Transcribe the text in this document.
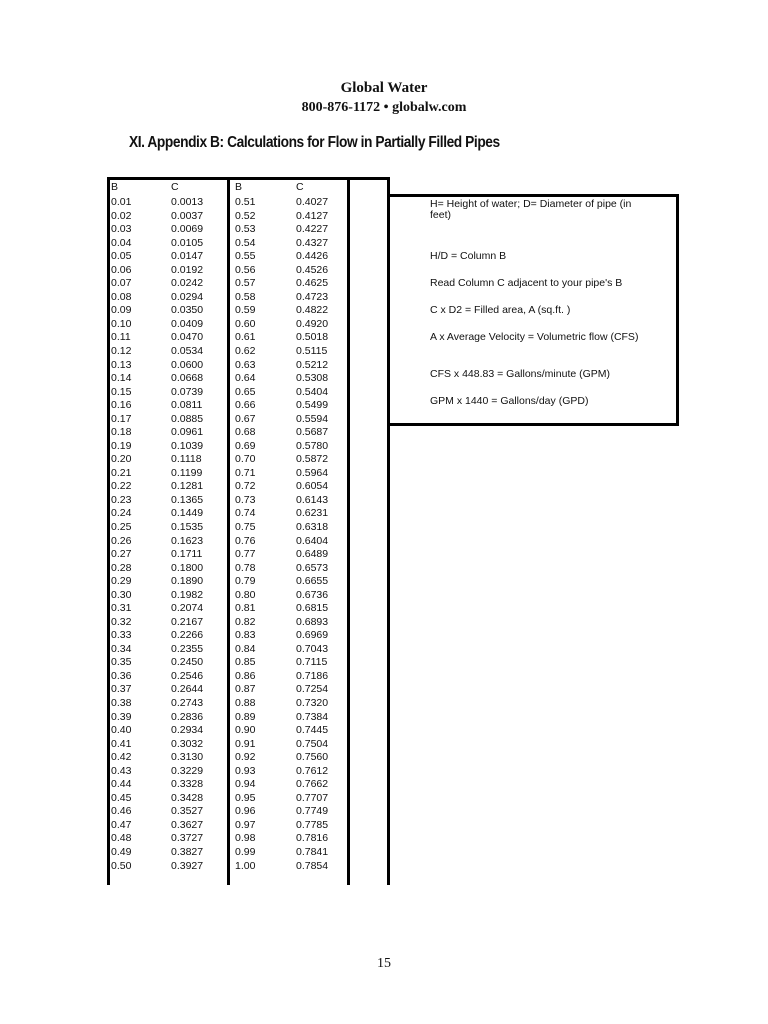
Global Water
800-876-1172 • globalw.com
XI. Appendix B: Calculations for Flow in Partially Filled Pipes
B	C	B	C
0.01	0.0013	0.51	0.4027
0.02	0.0037	0.52	0.4127
0.03	0.0069	0.53	0.4227
0.04	0.0105	0.54	0.4327
0.05	0.0147	0.55	0.4426
0.06	0.0192	0.56	0.4526
0.07	0.0242	0.57	0.4625
0.08	0.0294	0.58	0.4723
0.09	0.0350	0.59	0.4822
0.10	0.0409	0.60	0.4920
0.11	0.0470	0.61	0.5018
0.12	0.0534	0.62	0.5115
0.13	0.0600	0.63	0.5212
0.14	0.0668	0.64	0.5308
0.15	0.0739	0.65	0.5404
0.16	0.0811	0.66	0.5499
0.17	0.0885	0.67	0.5594
0.18	0.0961	0.68	0.5687
0.19	0.1039	0.69	0.5780
0.20	0.1118	0.70	0.5872
0.21	0.1199	0.71	0.5964
0.22	0.1281	0.72	0.6054
0.23	0.1365	0.73	0.6143
0.24	0.1449	0.74	0.6231
0.25	0.1535	0.75	0.6318
0.26	0.1623	0.76	0.6404
0.27	0.1711	0.77	0.6489
0.28	0.1800	0.78	0.6573
0.29	0.1890	0.79	0.6655
0.30	0.1982	0.80	0.6736
0.31	0.2074	0.81	0.6815
0.32	0.2167	0.82	0.6893
0.33	0.2266	0.83	0.6969
0.34	0.2355	0.84	0.7043
0.35	0.2450	0.85	0.7115
0.36	0.2546	0.86	0.7186
0.37	0.2644	0.87	0.7254
0.38	0.2743	0.88	0.7320
0.39	0.2836	0.89	0.7384
0.40	0.2934	0.90	0.7445
0.41	0.3032	0.91	0.7504
0.42	0.3130	0.92	0.7560
0.43	0.3229	0.93	0.7612
0.44	0.3328	0.94	0.7662
0.45	0.3428	0.95	0.7707
0.46	0.3527	0.96	0.7749
0.47	0.3627	0.97	0.7785
0.48	0.3727	0.98	0.7816
0.49	0.3827	0.99	0.7841
0.50	0.3927	1.00	0.7854
H= Height of water; D= Diameter of pipe (in feet)
H/D = Column B
Read Column C adjacent to your pipe's B
C x D2 = Filled area, A (sq.ft. )
A x Average Velocity = Volumetric flow (CFS)
CFS x 448.83 = Gallons/minute (GPM)
GPM x 1440 = Gallons/day (GPD)
15
